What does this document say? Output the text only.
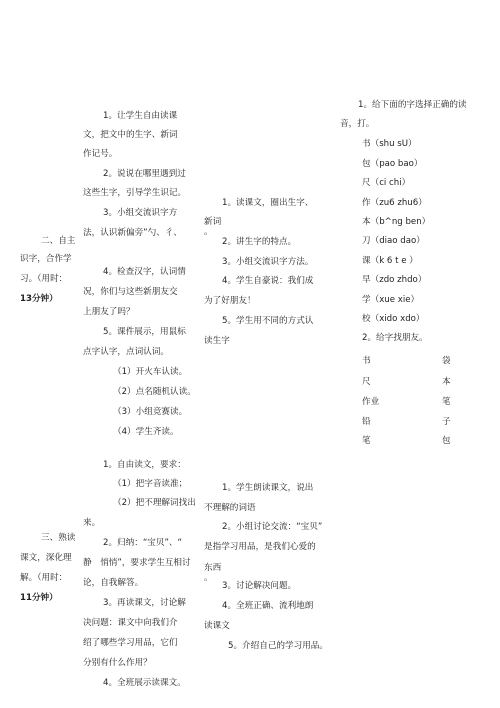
二、自主
识字，合作学
习。（用时：
13分钟）
1。让学生自由读课
文，把文中的生字、新词
作记号。
2。说说在哪里遇到过
这些生字，引导学生识记。
3。小组交流识字方
法，认识新偏旁”勺、彳、
4。检查汉字，认词情
况，你们与这些新朋友交
上朋友了吗？
5。课件展示，用鼠标
点字认字，点词认词。
（1）开火车认读。
（2）点名随机认读。
（3）小组竞赛读。
（4）学生齐读。
1。读课文，圈出生字、
新词
。
2。讲生字的特点。
3。小组交流识字方法。
4。学生自豪说：我们成
为了好朋友！
5。学生用不同的方式认
读生字
三、熟读
课文，深化理
解。（用时：
11分钟）
1。自由读文，要求：
（1）把字音读准；
（2）把不理解词找出
来。
2。归纳：“宝贝”、“
静　悄悄”，要求学生互相讨
论，自我解答。
3。再读课文，讨论解
决问题：课文中向我们介
绍了哪些学习用品，它们
分别有什么作用？
4。全班展示读课文。
1。学生朗读课文，说出
不理解的词语
2。小组讨论交流：“宝贝”
是指学习用品，是我们心爱的
东西
。
3。讨论解决问题。
4。全班正确、流利地朗
读课文
5。介绍自己的学习用品。
1。给下面的字选择正确的读
音，打。
书（shu sU）
包（pao bao）
尺（ci chi）
作（zu6 zhu6）
本（b^ng ben）
刀（diao dao）
课（k 6 t e ）
早（zdo zhdo）
学（xue xie）
校（xido xdo）
2。给字找朋友。
书
尺
作业
铅
笔
袋
本
笔
子
包
